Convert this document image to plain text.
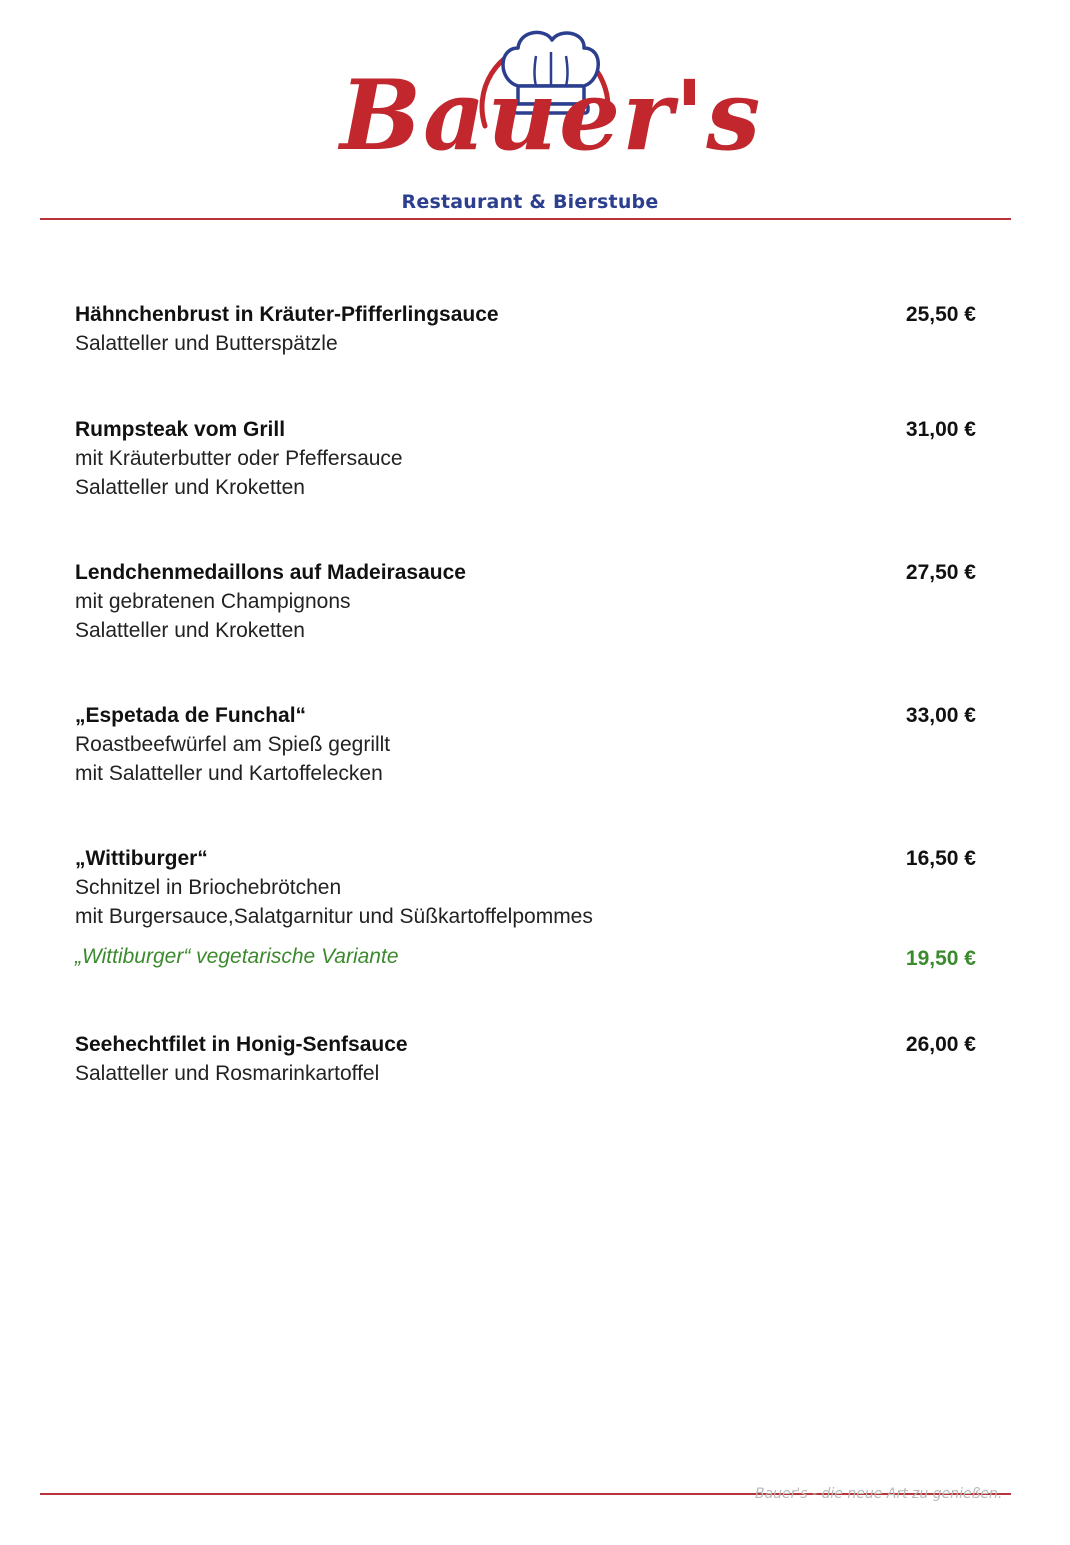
Bauer's
Restaurant & Bierstube
Hähnchenbrust in Kräuter-Pfifferlingsauce
Salatteller und Butterspätzle
25,50 €
Rumpsteak vom Grill
mit Kräuterbutter oder Pfeffersauce
Salatteller und Kroketten
31,00 €
Lendchenmedaillons auf Madeirasauce
mit gebratenen Champignons
Salatteller und Kroketten
27,50 €
„Espetada de Funchal“
Roastbeefwürfel am Spieß gegrillt
mit Salatteller und Kartoffelecken
33,00 €
„Wittiburger“
Schnitzel in Briochebrötchen
mit Burgersauce,Salatgarnitur und Süßkartoffelpommes
16,50 €
„Wittiburger“ vegetarische Variante	19,50 €
Seehechtfilet in Honig-Senfsauce
Salatteller und Rosmarinkartoffel
26,00 €
Bauer's - die neue Art zu genießen.
